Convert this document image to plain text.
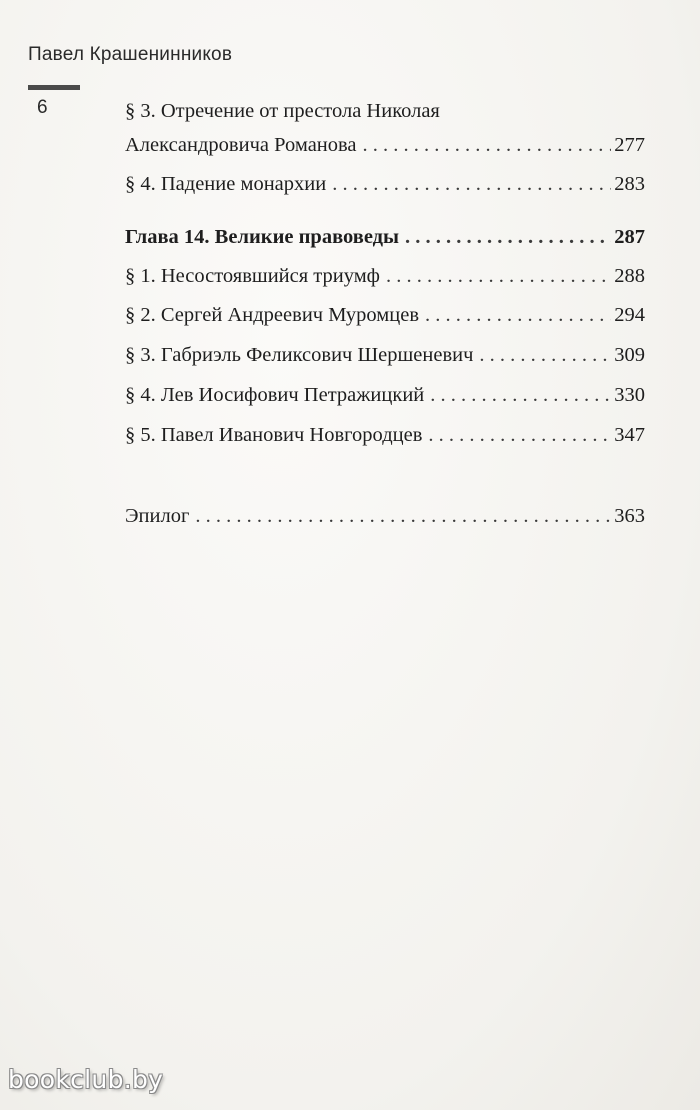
Павел Крашенинников
6	§ 3. Отречение от престола Николая
Александровича Романова . . .	277
§ 4. Падение монархии . . .	283
Глава 14. Великие правоведы . . .	287
§ 1. Несостоявшийся триумф . . .	288
§ 2. Сергей Андреевич Муромцев . . .	294
§ 3. Габриэль Феликсович Шершеневич . . .	309
§ 4. Лев Иосифович Петражицкий . . .	330
§ 5. Павел Иванович Новгородцев . . .	347
Эпилог . . .	363
bookclub.by
